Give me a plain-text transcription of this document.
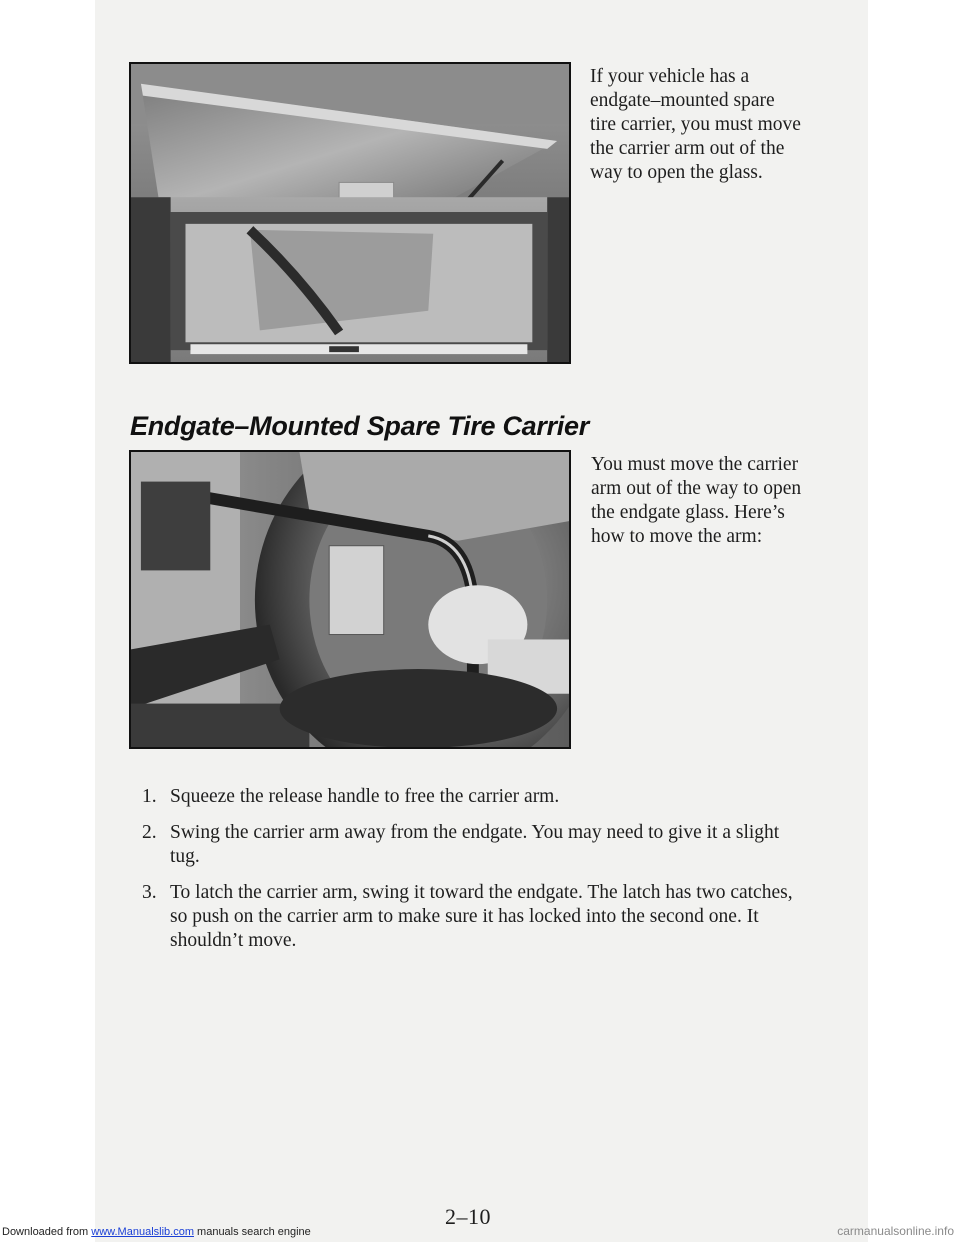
If your vehicle has a endgate–mounted spare tire carrier, you must move the carrier arm out of the way to open the glass.

Endgate–Mounted Spare Tire Carrier

You must move the carrier arm out of the way to open the endgate glass. Here’s how to move the arm:

1. Squeeze the release handle to free the carrier arm.
2. Swing the carrier arm away from the endgate. You may need to give it a slight tug.
3. To latch the carrier arm, swing it toward the endgate. The latch has two catches, so push on the carrier arm to make sure it has locked into the second one. It shouldn’t move.
2–10
Downloaded from www.Manualslib.com manuals search engine	carmanualsonline.info
